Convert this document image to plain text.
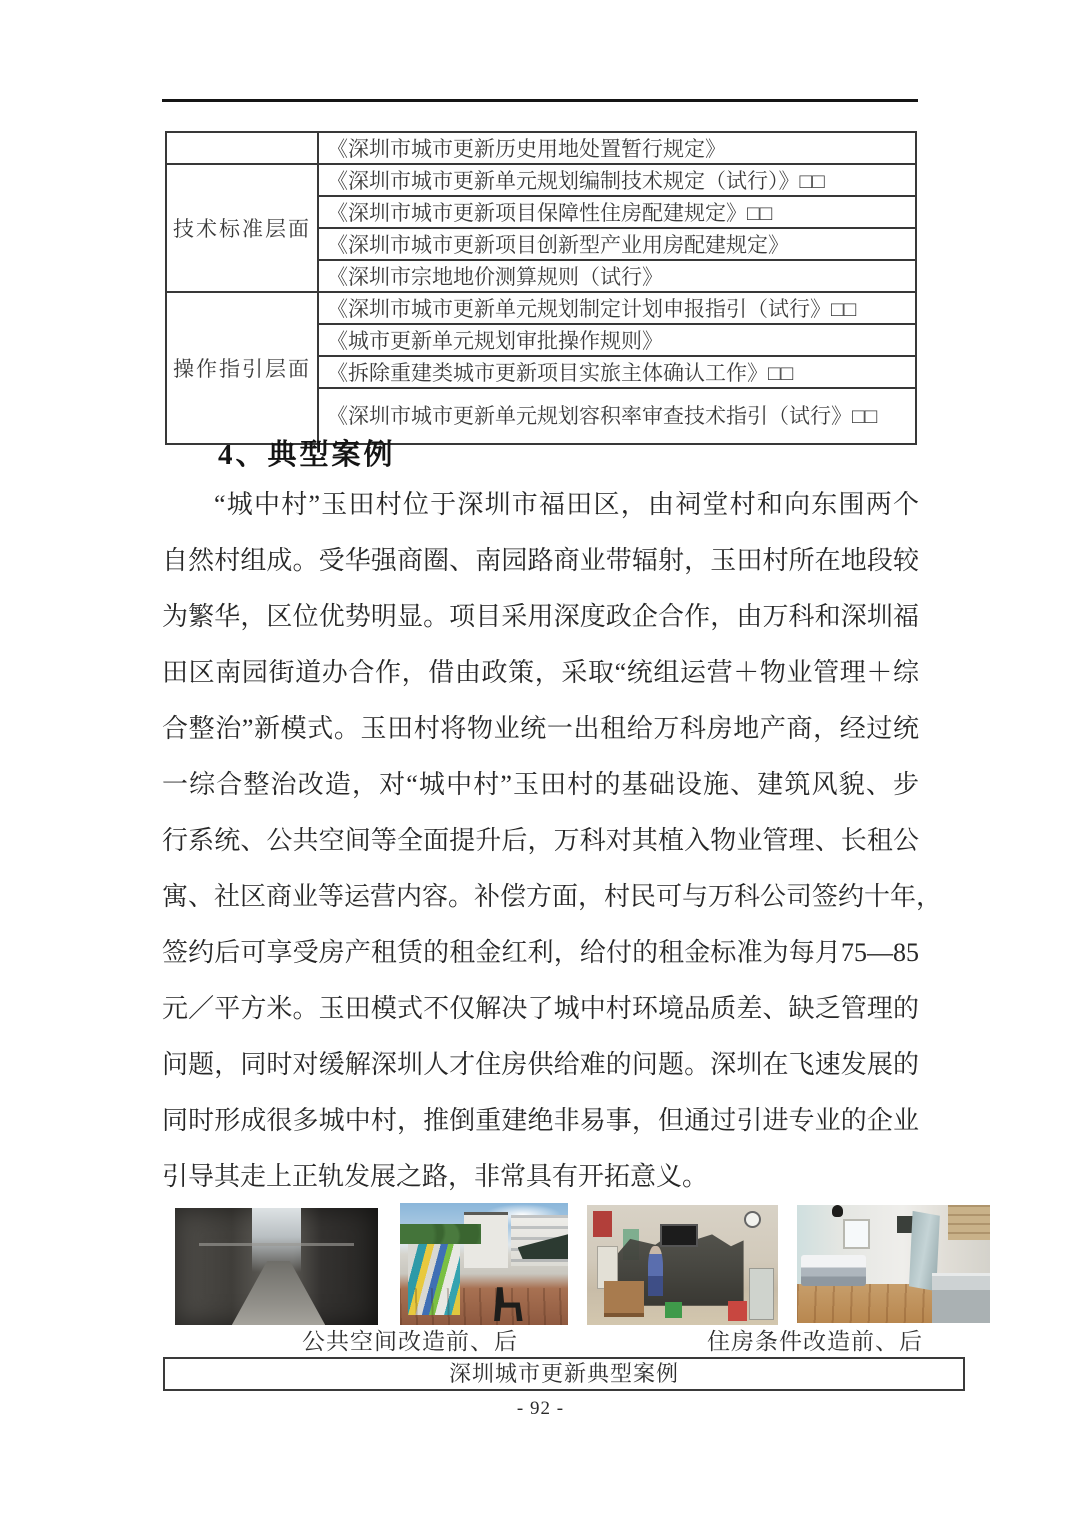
	《深圳市城市更新历史用地处置暂行规定》
技术标准层面	《深圳市城市更新单元规划编制技术规定（试行）》□□
	《深圳市城市更新项目保障性住房配建规定》□□
	《深圳市城市更新项目创新型产业用房配建规定》
	《深圳市宗地地价测算规则（试行》
操作指引层面	《深圳市城市更新单元规划制定计划申报指引（试行》□□
	《城市更新单元规划审批操作规则》
	《拆除重建类城市更新项目实旅主体确认工作》□□
	《深圳市城市更新单元规划容积率审查技术指引（试行》□□
4、典型案例
“城中村”玉田村位于深圳市福田区，由祠堂村和向东围两个
自然村组成。受华强商圈、南园路商业带辐射，玉田村所在地段较
为繁华，区位优势明显。项目采用深度政企合作，由万科和深圳福
田区南园街道办合作，借由政策，采取“统组运营＋物业管理＋综
合整治”新模式。玉田村将物业统一出租给万科房地产商，经过统
一综合整治改造，对“城中村”玉田村的基础设施、建筑风貌、步
行系统、公共空间等全面提升后，万科对其植入物业管理、长租公
寓、社区商业等运营内容。补偿方面，村民可与万科公司签约十年，
签约后可享受房产租赁的租金红利，给付的租金标准为每月75—85
元／平方米。玉田模式不仅解决了城中村环境品质差、缺乏管理的
问题，同时对缓解深圳人才住房供给难的问题。深圳在飞速发展的
同时形成很多城中村，推倒重建绝非易事，但通过引进专业的企业
引导其走上正轨发展之路，非常具有开拓意义。
公共空间改造前、后	住房条件改造前、后
深圳城市更新典型案例
- 92 -
